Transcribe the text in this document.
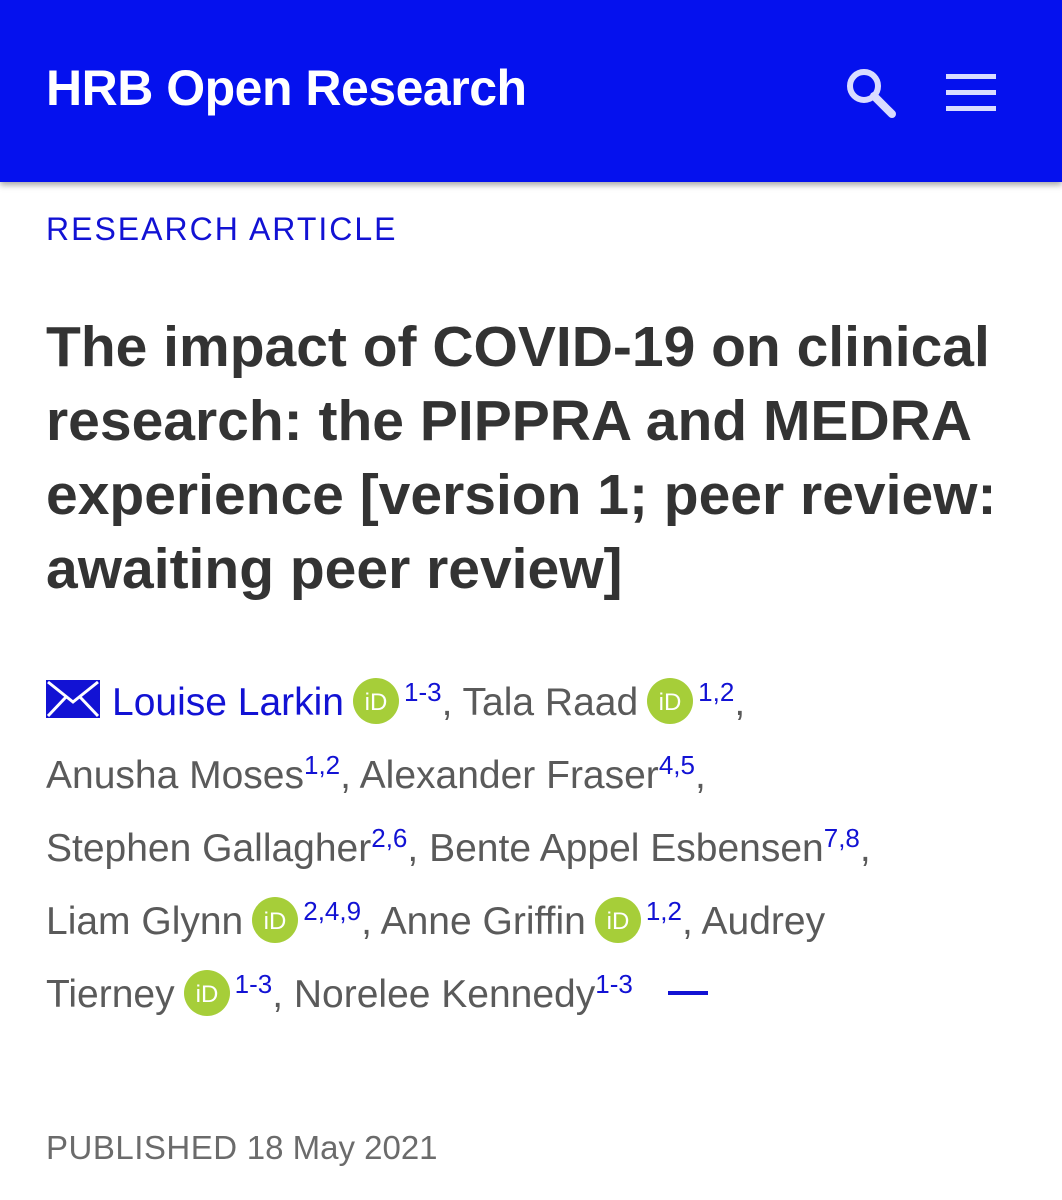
HRB Open Research
RESEARCH ARTICLE
The impact of COVID-19 on clinical research: the PIPPRA and MEDRA experience [version 1; peer review: awaiting peer review]
Louise Larkin iD $^{1-3}$, Tala Raad iD $^{1,2}$,
Anusha Moses$^{1,2}$, Alexander Fraser$^{4,5}$,
Stephen Gallagher$^{2,6}$, Bente Appel Esbensen$^{7,8}$,
Liam Glynn iD $^{2,4,9}$, Anne Griffin iD $^{1,2}$, Audrey
Tierney iD $^{1-3}$, Norelee Kennedy$^{1-3}$
PUBLISHED 18 May 2021
